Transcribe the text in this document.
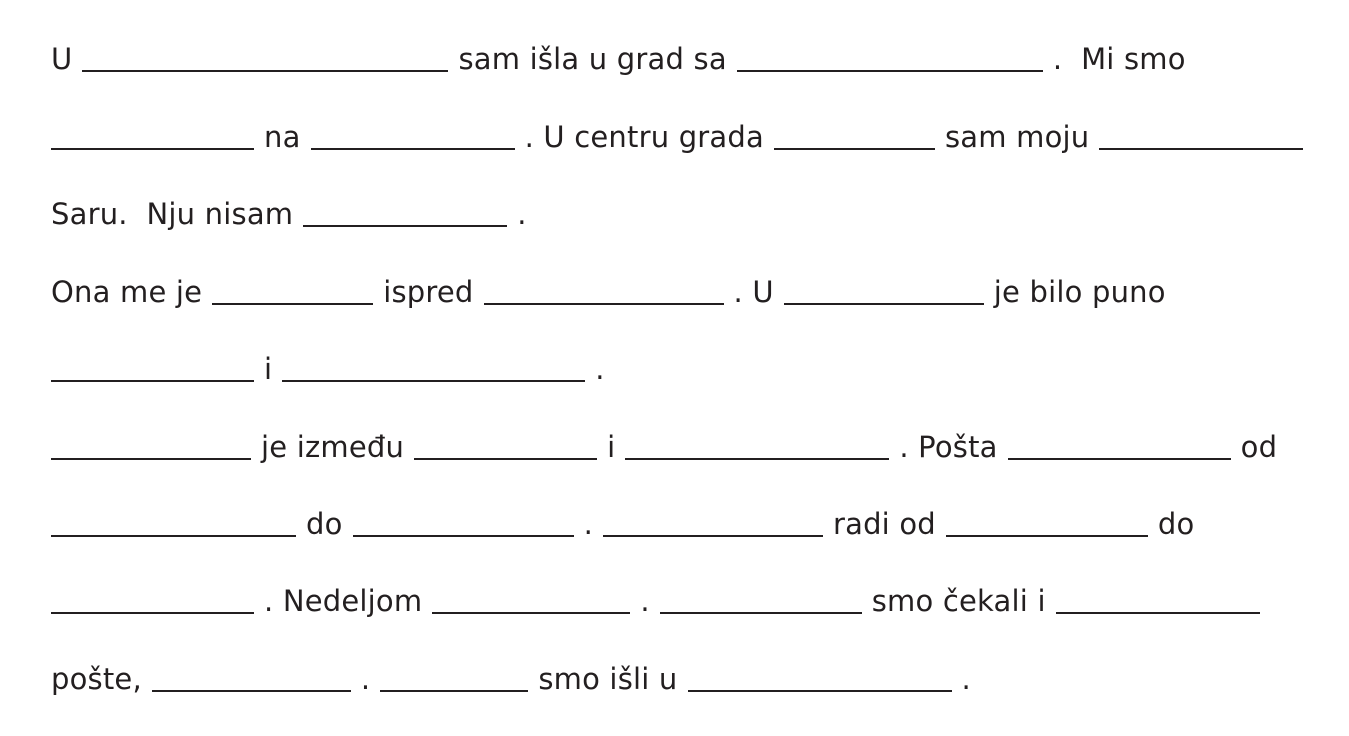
U	sam išla u grad sa	.  Mi smo
na	. U centru grada	sam moju
Saru.  Nju nisam	.
Ona me je	ispred	. U	je bilo puno
i	.
je između	i	. Pošta	od
do	.	radi od	do
. Nedeljom	.	smo čekali i
pošte,	.	smo išli u	.
